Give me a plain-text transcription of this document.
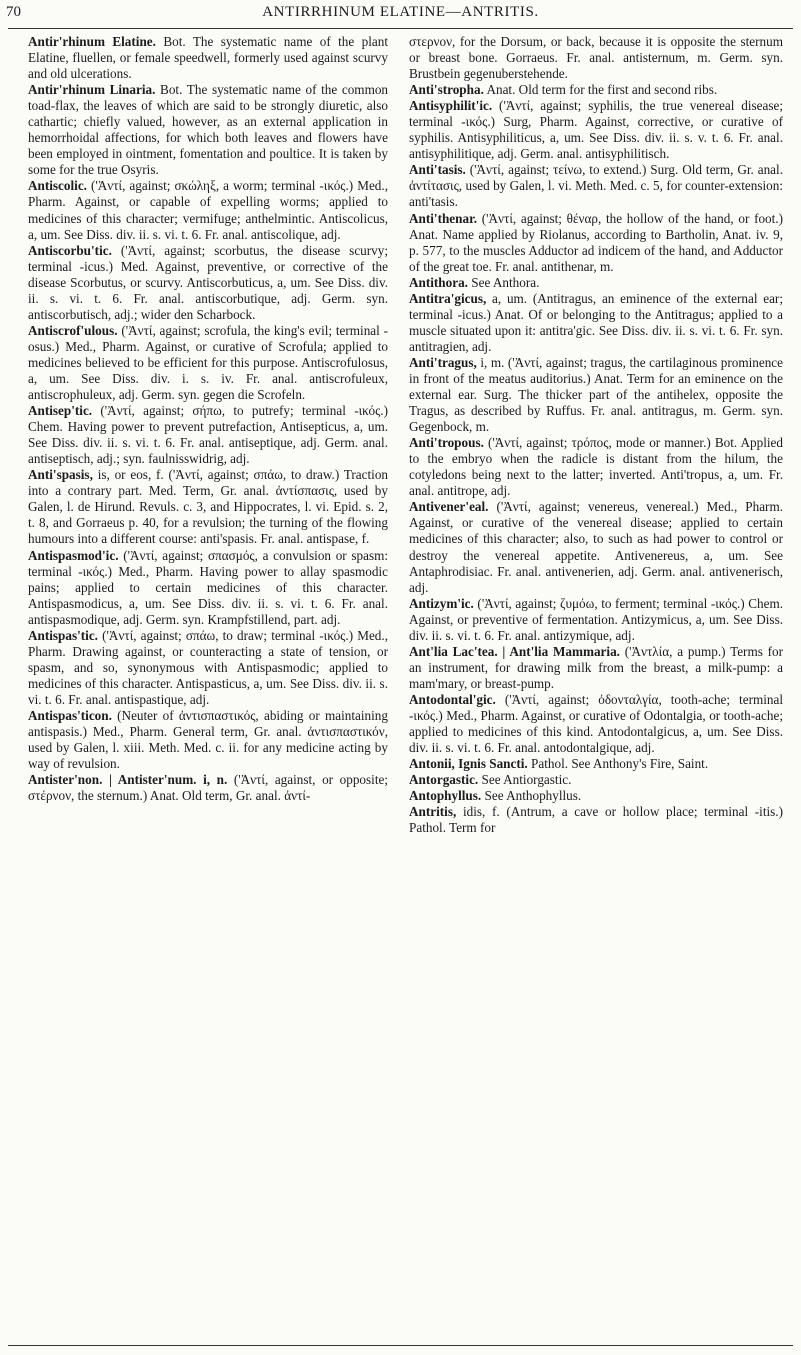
70	ANTIRRHINUM ELATINE—ANTRITIS.

Antir'rhinum Elatine. Bot. The systematic name of the plant Elatine, fluellen, or female speedwell, formerly used against scurvy and old ulcerations.

Antir'rhinum Linaria. Bot. The systematic name of the common toad-flax, the leaves of which are said to be strongly diuretic, also cathartic; chiefly valued, however, as an external application in hemorrhoidal affections, for which both leaves and flowers have been employed in ointment, fomentation and poultice. It is taken by some for the true Osyris.

Antiscolic. ('Ἀντί, against; σκώληξ, a worm; terminal -ικός.) Med., Pharm. Against, or capable of expelling worms; applied to medicines of this character; vermifuge; anthelmintic. Antiscolicus, a, um. See Diss. div. ii. s. vi. t. 6. Fr. anal. antiscolique, adj.

Antiscorbu'tic. ('Ἀντί, against; scorbutus, the disease scurvy; terminal -icus.) Med. Against, preventive, or corrective of the disease Scorbutus, or scurvy. Antiscorbuticus, a, um. See Diss. div. ii. s. vi. t. 6. Fr. anal. antiscorbutique, adj. Germ. syn. antiscorbutisch, adj.; wider den Scharbock.

Antiscrof'ulous. ('Ἀντί, against; scrofula, the king's evil; terminal -osus.) Med., Pharm. Against, or curative of Scrofula; applied to medicines believed to be efficient for this purpose. Antiscrofulosus, a, um. See Diss. div. i. s. iv. Fr. anal. antiscrofuleux, antiscrophuleux, adj. Germ. syn. gegen die Scrofeln.

Antisep'tic. ('Ἀντί, against; σήπω, to putrefy; terminal -ικός.) Chem. Having power to prevent putrefaction, Antisepticus, a, um. See Diss. div. ii. s. vi. t. 6. Fr. anal. antiseptique, adj. Germ. anal. antiseptisch, adj.; syn. faulnisswidrig, adj.

Anti'spasis, is, or eos, f. ('Ἀντί, against; σπάω, to draw.) Traction into a contrary part. Med. Term, Gr. anal. ἀντίσπασις, used by Galen, l. de Hirund. Revuls. c. 3, and Hippocrates, l. vi. Epid. s. 2, t. 8, and Gorraeus p. 40, for a revulsion; the turning of the flowing humours into a different course: anti'spasis. Fr. anal. antispase, f.

Antispasmod'ic. ('Ἀντί, against; σπασμός, a convulsion or spasm: terminal -ικός.) Med., Pharm. Having power to allay spasmodic pains; applied to certain medicines of this character. Antispasmodicus, a, um. See Diss. div. ii. s. vi. t. 6. Fr. anal. antispasmodique, adj. Germ. syn. Krampfstillend, part. adj.

Antispas'tic. ('Ἀντί, against; σπάω, to draw; terminal -ικός.) Med., Pharm. Drawing against, or counteracting a state of tension, or spasm, and so, synonymous with Antispasmodic; applied to medicines of this character. Antispasticus, a, um. See Diss. div. ii. s. vi. t. 6. Fr. anal. antispastique, adj.

Antispas'ticon. (Neuter of ἀντισπαστικός, abiding or maintaining antispasis.) Med., Pharm. General term, Gr. anal. ἀντισπαστικόν, used by Galen, l. xiii. Meth. Med. c. ii. for any medicine acting by way of revulsion.

Antister'non. | Antister'num. i, n. ('Ἀντί, against, or opposite; στέρνον, the sternum.) Anat. Old term, Gr. anal. ἀντί-

στερνον, for the Dorsum, or back, because it is opposite the sternum or breast bone. Gorraeus. Fr. anal. antisternum, m. Germ. syn. Brustbein gegenuberstehende.

Anti'stropha. Anat. Old term for the first and second ribs.

Antisyphilit'ic. ('Ἀντί, against; syphilis, the true venereal disease; terminal -ικός.) Surg, Pharm. Against, corrective, or curative of syphilis. Antisyphiliticus, a, um. See Diss. div. ii. s. v. t. 6. Fr. anal. antisyphilitique, adj. Germ. anal. antisyphilitisch.

Anti'tasis. ('Ἀντί, against; τείνω, to extend.) Surg. Old term, Gr. anal. ἀντίτασις, used by Galen, l. vi. Meth. Med. c. 5, for counter-extension: anti'tasis.

Anti'thenar. ('Ἀντί, against; θέναρ, the hollow of the hand, or foot.) Anat. Name applied by Riolanus, according to Bartholin, Anat. iv. 9, p. 577, to the muscles Adductor ad indicem of the hand, and Adductor of the great toe. Fr. anal. antithenar, m.

Antithora. See Anthora.

Antitra'gicus, a, um. (Antitragus, an eminence of the external ear; terminal -icus.) Anat. Of or belonging to the Antitragus; applied to a muscle situated upon it: antitra'gic. See Diss. div. ii. s. vi. t. 6. Fr. syn. antitragien, adj.

Anti'tragus, i, m. ('Ἀντί, against; tragus, the cartilaginous prominence in front of the meatus auditorius.) Anat. Term for an eminence on the external ear. Surg. The thicker part of the antihelex, opposite the Tragus, as described by Ruffus. Fr. anal. antitragus, m. Germ. syn. Gegenbock, m.

Anti'tropous. ('Ἀντί, against; τρόπος, mode or manner.) Bot. Applied to the embryo when the radicle is distant from the hilum, the cotyledons being next to the latter; inverted. Anti'tropus, a, um. Fr. anal. antitrope, adj.

Antivener'eal. ('Ἀντί, against; venereus, venereal.) Med., Pharm. Against, or curative of the venereal disease; applied to certain medicines of this character; also, to such as had power to control or destroy the venereal appetite. Antivenereus, a, um. See Antaphrodisiac. Fr. anal. antivenerien, adj. Germ. anal. antivenerisch, adj.

Antizym'ic. ('Ἀντί, against; ζυμόω, to ferment; terminal -ικός.) Chem. Against, or preventive of fermentation. Antizymicus, a, um. See Diss. div. ii. s. vi. t. 6. Fr. anal. antizymique, adj.

Ant'lia Lac'tea. | Ant'lia Mammaria. ('Ἀντλία, a pump.) Terms for an instrument, for drawing milk from the breast, a milk-pump: a mam'mary, or breast-pump.

Antodontal'gic. ('Ἀντί, against; ὀδονταλγία, tooth-ache; terminal -ικός.) Med., Pharm. Against, or curative of Odontalgia, or tooth-ache; applied to medicines of this kind. Antodontalgicus, a, um. See Diss. div. ii. s. vi. t. 6. Fr. anal. antodontalgique, adj.

Antonii, Ignis Sancti. Pathol. See Anthony's Fire, Saint.

Antorgastic. See Antiorgastic.

Antophyllus. See Anthophyllus.

Antritis, idis, f. (Antrum, a cave or hollow place; terminal -itis.) Pathol. Term for
